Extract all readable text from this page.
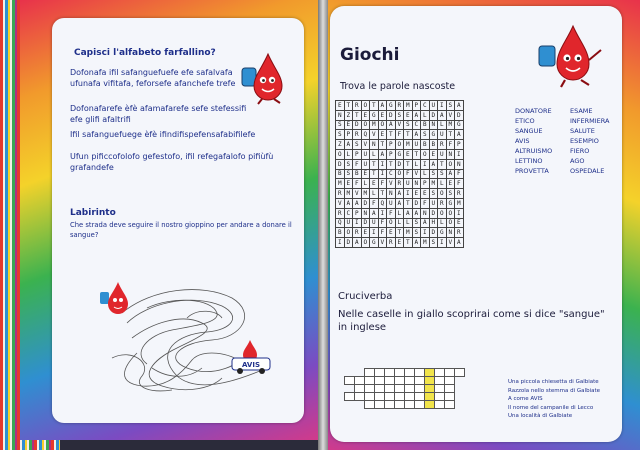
Capisci l'alfabeto farfallino?
Dofonafa ifil safanguefuefe efe safalvafa ufunafa vifitafa, feforsefe afanchefe trefe
Dofonafarefe èfè afamafarefe sefe stefessifi efe glifi afaltrifi
Ifil safanguefuege èfè ifindifispefensafabifilefe
Ufun pificcofolofo gefestofo, ifil refegafalofo pifiùfù grafandefe
Labirinto
Che strada deve seguire il nostro gioppino per andare a donare il sangue?
AVIS
Giochi
Trova le parole nascoste
E	T	R	O	T	A	G	R	M	P	C	U	I	S	A
N	Z	T	E	G	E	D	S	E	A	L	D	A	V	D
S	E	D	O	M	O	A	V	S	C	B	N	L	M	G
S	P	R	Q	V	E	T	F	T	A	S	G	U	T	A
Z	A	S	V	N	T	P	O	M	U	B	B	R	F	P
O	L	P	U	L	A	P	G	E	T	O	E	U	N	I
D	S	F	U	T	I	T	D	T	L	I	A	T	O	N
B	S	B	E	T	I	C	O	F	V	L	S	S	A	F
M	E	F	L	E	F	V	R	U	N	P	M	L	E	F
R	M	V	M	L	T	N	A	I	E	E	S	O	S	R
V	A	A	D	F	Q	U	A	T	D	F	U	R	G	M
R	C	P	N	A	I	F	L	A	A	N	D	O	O	I
Q	U	I	D	U	F	O	L	L	S	A	H	L	O	E
B	O	R	E	I	F	E	T	M	S	I	D	G	N	R
I	D	A	O	G	V	R	E	T	A	M	S	I	V	A
DONATORE
ETICO
SANGUE
AVIS
ALTRUISMO
LETTINO
PROVETTA
ESAME
INFERMIERA
SALUTE
ESEMPIO
FIERO
AGO
OSPEDALE
Cruciverba
Nelle caselle in giallo scoprirai come si dice "sangue" in inglese

Una piccola chiesetta di Galbiate
Razzola nello stemma di Galbiate
A come AVIS
Il nome del campanile di Lecco
Una località di Galbiate
